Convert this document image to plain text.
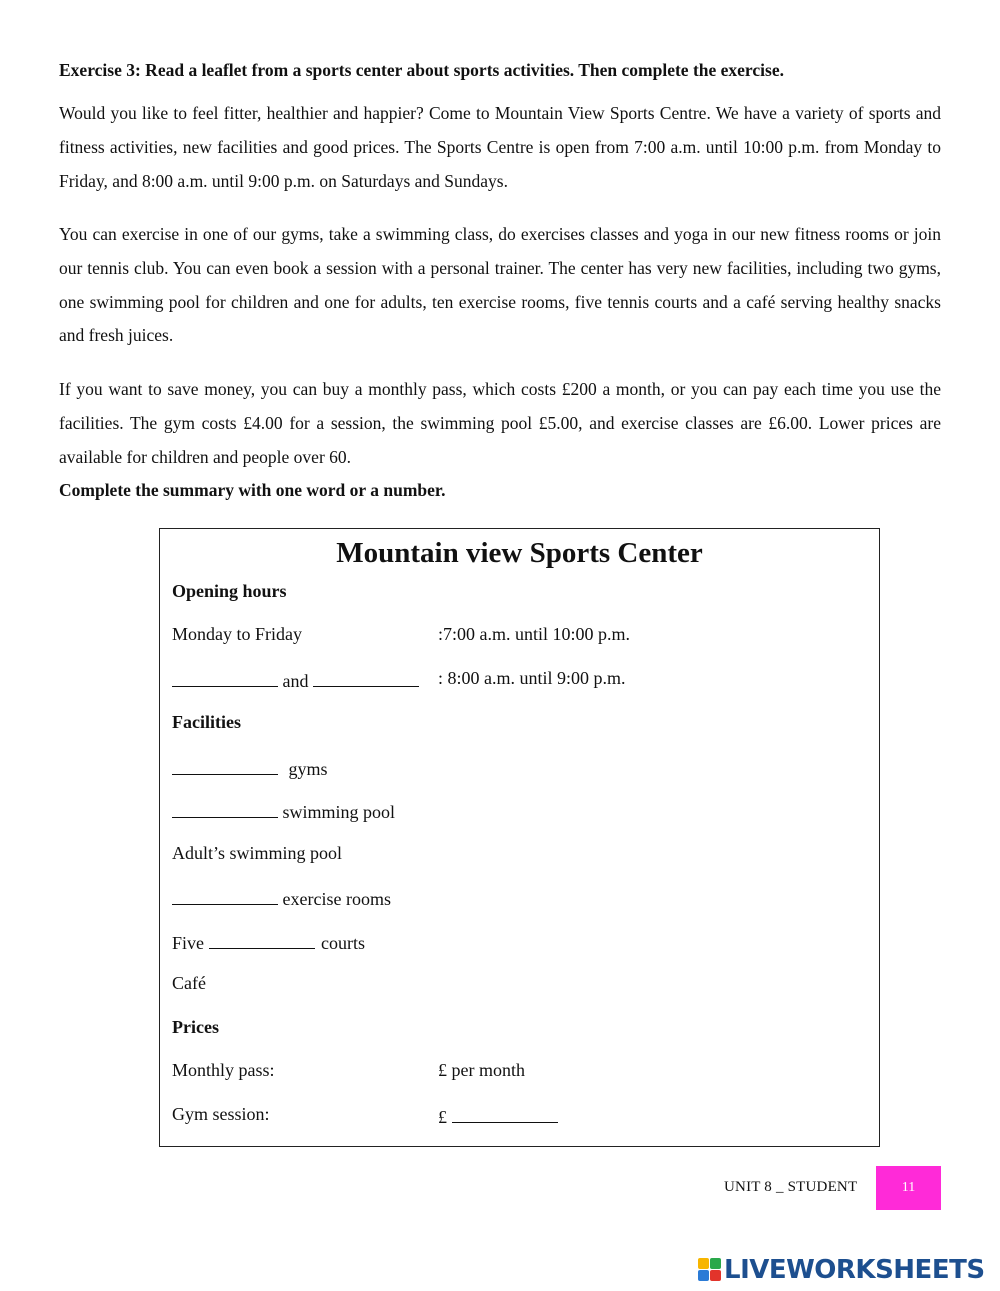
Exercise 3: Read a leaflet from a sports center about sports activities. Then complete the exercise.

Would you like to feel fitter, healthier and happier? Come to Mountain View Sports Centre. We have a variety of sports and fitness activities, new facilities and good prices. The Sports Centre is open from 7:00 a.m. until 10:00 p.m. from Monday to Friday, and 8:00 a.m. until 9:00 p.m. on Saturdays and Sundays.

You can exercise in one of our gyms, take a swimming class, do exercises classes and yoga in our new fitness rooms or join our tennis club. You can even book a session with a personal trainer. The center has very new facilities, including two gyms, one swimming pool for children and one for adults, ten exercise rooms, five tennis courts and a café serving healthy snacks and fresh juices.

If you want to save money, you can buy a monthly pass, which costs £200 a month, or you can pay each time you use the facilities. The gym costs £4.00 for a session, the swimming pool £5.00, and exercise classes are £6.00. Lower prices are available for children and people over 60.

Complete the summary with one word or a number.
Mountain view Sports Center
Opening hours
Monday to Friday	:7:00 a.m. until 10:00 p.m.
and	: 8:00 a.m. until 9:00 p.m.
Facilities
gyms
swimming pool
Adult’s swimming pool
exercise rooms
Five	courts
Café
Prices
Monthly pass:	£ per month
Gym session:	£
UNIT 8 _ STUDENT	11
LIVEWORKSHEETS
